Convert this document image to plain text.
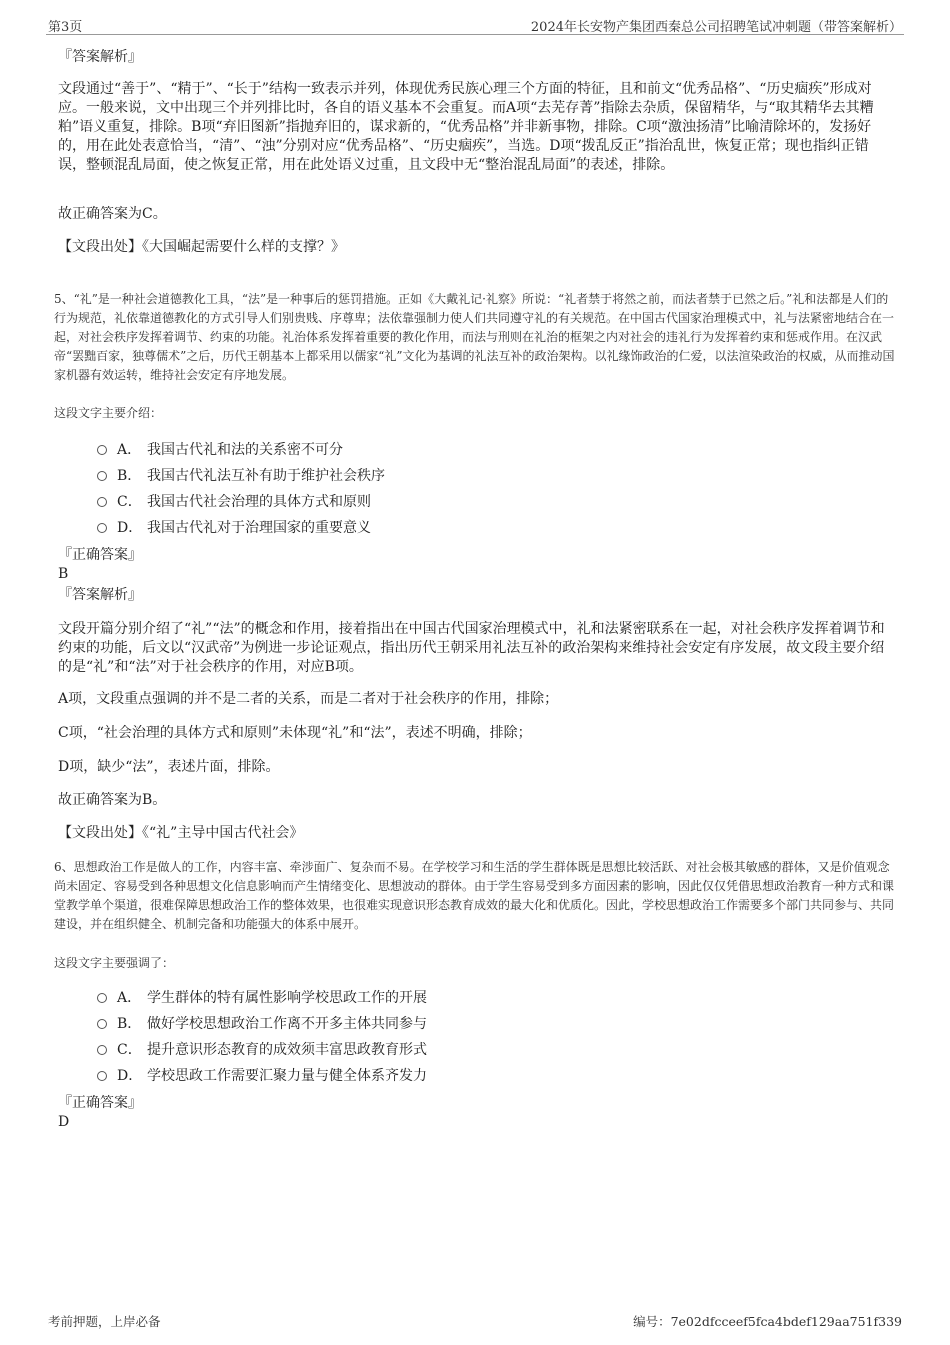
第3页	2024年长安物产集团西秦总公司招聘笔试冲刺题（带答案解析）
『答案解析』

文段通过“善于”、“精于”、“长于”结构一致表示并列，体现优秀民族心理三个方面的特征，且和前文“优秀品格”、“历史痼疾”形成对应。一般来说，文中出现三个并列排比时，各自的语义基本不会重复。而A项“去芜存菁”指除去杂质，保留精华，与“取其精华去其糟粕”语义重复，排除。B项“弃旧图新”指抛弃旧的，谋求新的，“优秀品格”并非新事物，排除。C项“激浊扬清”比喻清除坏的，发扬好的，用在此处表意恰当，“清”、“浊”分别对应“优秀品格”、“历史痼疾”，当选。D项“拨乱反正”指治乱世，恢复正常；现也指纠正错误，整顿混乱局面，使之恢复正常，用在此处语义过重，且文段中无“整治混乱局面”的表述，排除。

故正确答案为C。
【文段出处】《大国崛起需要什么样的支撑？》

5、“礼”是一种社会道德教化工具，“法”是一种事后的惩罚措施。正如《大戴礼记·礼察》所说：“礼者禁于将然之前，而法者禁于已然之后。”礼和法都是人们的行为规范，礼依靠道德教化的方式引导人们别贵贱、序尊卑；法依靠强制力使人们共同遵守礼的有关规范。在中国古代国家治理模式中，礼与法紧密地结合在一起，对社会秩序发挥着调节、约束的功能。礼治体系发挥着重要的教化作用，而法与刑则在礼治的框架之内对社会的违礼行为发挥着约束和惩戒作用。在汉武帝“罢黜百家，独尊儒术”之后，历代王朝基本上都采用以儒家“礼”文化为基调的礼法互补的政治架构。以礼缘饰政治的仁爱，以法渲染政治的权威，从而推动国家机器有效运转，维持社会安定有序地发展。

这段文字主要介绍：
A． 我国古代礼和法的关系密不可分
B． 我国古代礼法互补有助于维护社会秩序
C． 我国古代社会治理的具体方式和原则
D． 我国古代礼对于治理国家的重要意义
『正确答案』
B
『答案解析』

文段开篇分别介绍了“礼”“法”的概念和作用，接着指出在中国古代国家治理模式中，礼和法紧密联系在一起，对社会秩序发挥着调节和约束的功能，后文以“汉武帝”为例进一步论证观点，指出历代王朝采用礼法互补的政治架构来维持社会安定有序发展，故文段主要介绍的是“礼”和“法”对于社会秩序的作用，对应B项。

A项，文段重点强调的并不是二者的关系，而是二者对于社会秩序的作用，排除；
C项，“社会治理的具体方式和原则”未体现“礼”和“法”，表述不明确，排除；
D项，缺少“法”，表述片面，排除。
故正确答案为B。
【文段出处】《“礼”主导中国古代社会》

6、思想政治工作是做人的工作，内容丰富、牵涉面广、复杂而不易。在学校学习和生活的学生群体既是思想比较活跃、对社会极其敏感的群体，又是价值观念尚未固定、容易受到各种思想文化信息影响而产生情绪变化、思想波动的群体。由于学生容易受到多方面因素的影响，因此仅仅凭借思想政治教育一种方式和课堂教学单个渠道，很难保障思想政治工作的整体效果，也很难实现意识形态教育成效的最大化和优质化。因此，学校思想政治工作需要多个部门共同参与、共同建设，并在组织健全、机制完备和功能强大的体系中展开。

这段文字主要强调了：
A． 学生群体的特有属性影响学校思政工作的开展
B． 做好学校思想政治工作离不开多主体共同参与
C． 提升意识形态教育的成效须丰富思政教育形式
D． 学校思政工作需要汇聚力量与健全体系齐发力
『正确答案』
D
考前押题，上岸必备	编号：7e02dfcceef5fca4bdef129aa751f339
